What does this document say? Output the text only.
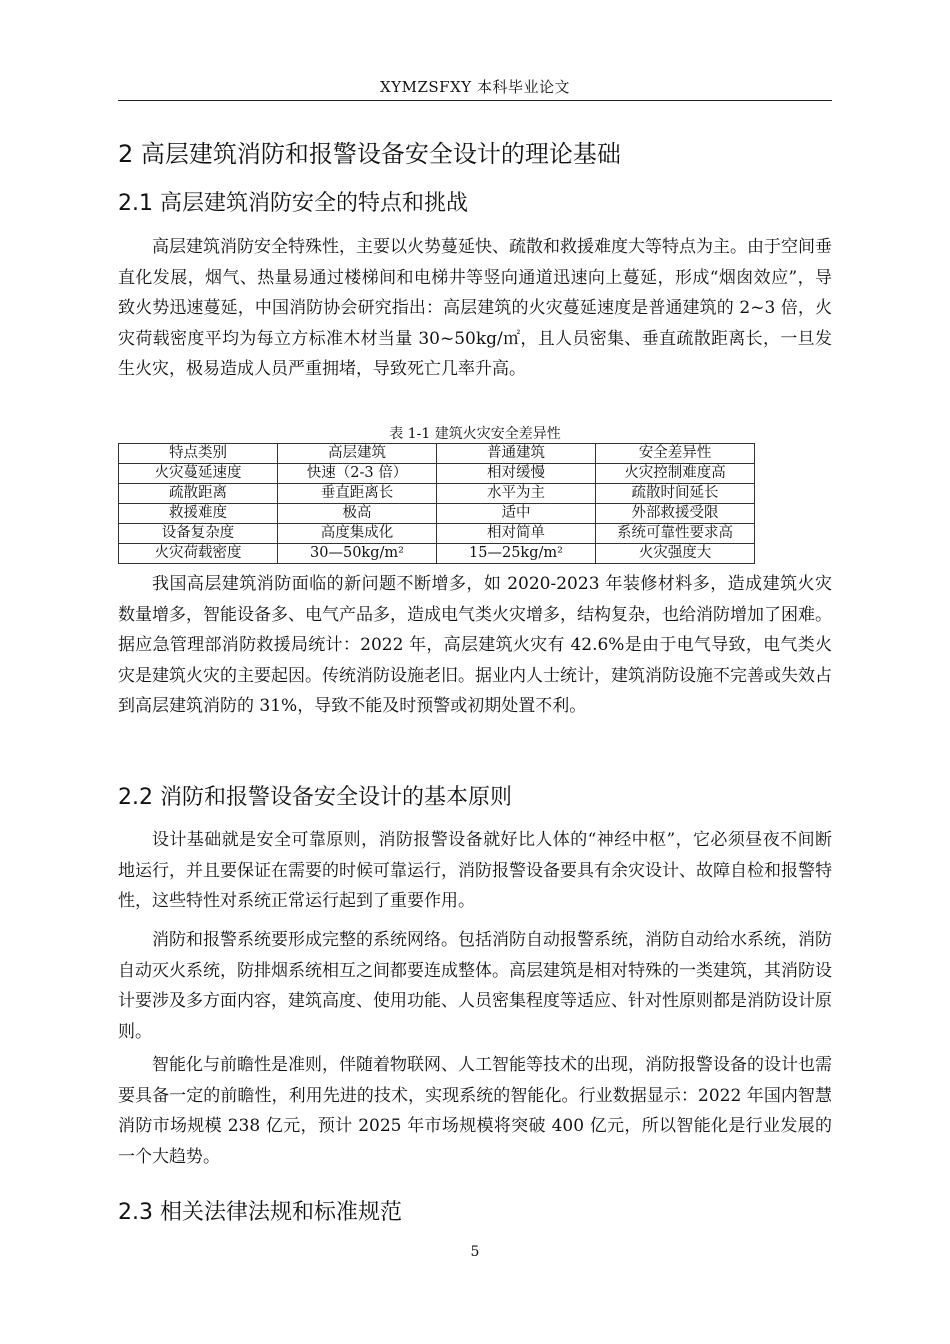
XYMZSFXY 本科毕业论文
2 高层建筑消防和报警设备安全设计的理论基础
2.1 高层建筑消防安全的特点和挑战
高层建筑消防安全特殊性，主要以火势蔓延快、疏散和救援难度大等特点为主。由于空间垂直化发展，烟气、热量易通过楼梯间和电梯井等竖向通道迅速向上蔓延，形成“烟囱效应”，导致火势迅速蔓延，中国消防协会研究指出：高层建筑的火灾蔓延速度是普通建筑的 2~3 倍，火灾荷载密度平均为每立方标准木材当量 30~50kg/㎡，且人员密集、垂直疏散距离长，一旦发生火灾，极易造成人员严重拥堵，导致死亡几率升高。
表 1-1 建筑火灾安全差异性
特点类别	高层建筑	普通建筑	安全差异性
火灾蔓延速度	快速（2-3 倍）	相对缓慢	火灾控制难度高
疏散距离	垂直距离长	水平为主	疏散时间延长
救援难度	极高	适中	外部救援受限
设备复杂度	高度集成化	相对简单	系统可靠性要求高
火灾荷载密度	30—50kg/m²	15—25kg/m²	火灾强度大
我国高层建筑消防面临的新问题不断增多，如 2020-2023 年装修材料多，造成建筑火灾数量增多，智能设备多、电气产品多，造成电气类火灾增多，结构复杂，也给消防增加了困难。据应急管理部消防救援局统计：2022 年，高层建筑火灾有 42.6%是由于电气导致，电气类火灾是建筑火灾的主要起因。传统消防设施老旧。据业内人士统计，建筑消防设施不完善或失效占到高层建筑消防的 31%，导致不能及时预警或初期处置不利。
2.2 消防和报警设备安全设计的基本原则
设计基础就是安全可靠原则，消防报警设备就好比人体的“神经中枢”，它必须昼夜不间断地运行，并且要保证在需要的时候可靠运行，消防报警设备要具有余灾设计、故障自检和报警特性，这些特性对系统正常运行起到了重要作用。
消防和报警系统要形成完整的系统网络。包括消防自动报警系统，消防自动给水系统，消防自动灭火系统，防排烟系统相互之间都要连成整体。高层建筑是相对特殊的一类建筑，其消防设计要涉及多方面内容，建筑高度、使用功能、人员密集程度等适应、针对性原则都是消防设计原则。
智能化与前瞻性是准则，伴随着物联网、人工智能等技术的出现，消防报警设备的设计也需要具备一定的前瞻性，利用先进的技术，实现系统的智能化。行业数据显示：2022 年国内智慧消防市场规模 238 亿元，预计 2025 年市场规模将突破 400 亿元，所以智能化是行业发展的一个大趋势。
2.3 相关法律法规和标准规范
5
